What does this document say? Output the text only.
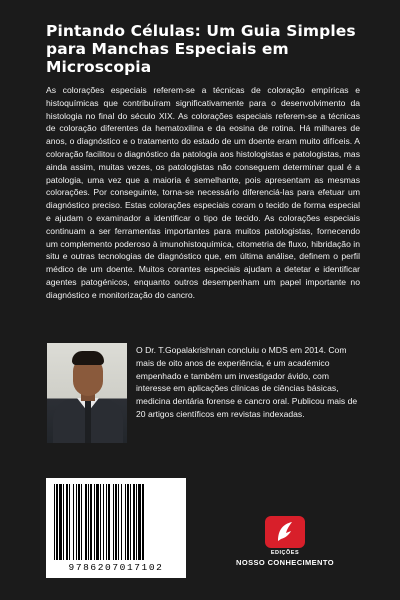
Pintando Células: Um Guia Simples para Manchas Especiais em Microscopia

As colorações especiais referem-se a técnicas de coloração empíricas e histoquímicas que contribuíram significativamente para o desenvolvimento da histologia no final do século XIX. As colorações especiais referem-se a técnicas de coloração diferentes da hematoxilina e da eosina de rotina. Há milhares de anos, o diagnóstico e o tratamento do estado de um doente eram muito difíceis. A coloração facilitou o diagnóstico da patologia aos histologistas e patologistas, mas ainda assim, muitas vezes, os patologistas não conseguem determinar qual é a patologia, uma vez que a maioria é semelhante, pois apresentam as mesmas colorações. Por conseguinte, torna-se necessário diferenciá-las para efetuar um diagnóstico preciso. Estas colorações especiais coram o tecido de forma especial e ajudam o examinador a identificar o tipo de tecido. As colorações especiais continuam a ser ferramentas importantes para muitos patologistas, fornecendo um complemento poderoso à imunohistoquímica, citometria de fluxo, hibridação in situ e outras tecnologias de diagnóstico que, em última análise, definem o perfil médico de um doente. Muitos corantes especiais ajudam a detetar e identificar agentes patogénicos, enquanto outros desempenham um papel importante no diagnóstico e monitorização do cancro.

O Dr. T.Gopalakrishnan concluiu o MDS em 2014. Com mais de oito anos de experiência, é um académico empenhado e também um investigador ávido, com interesse em aplicações clínicas de ciências básicas, medicina dentária forense e cancro oral. Publicou mais de 20 artigos científicos em revistas indexadas.

9786207017102
EDIÇÕES
NOSSO CONHECIMENTO
